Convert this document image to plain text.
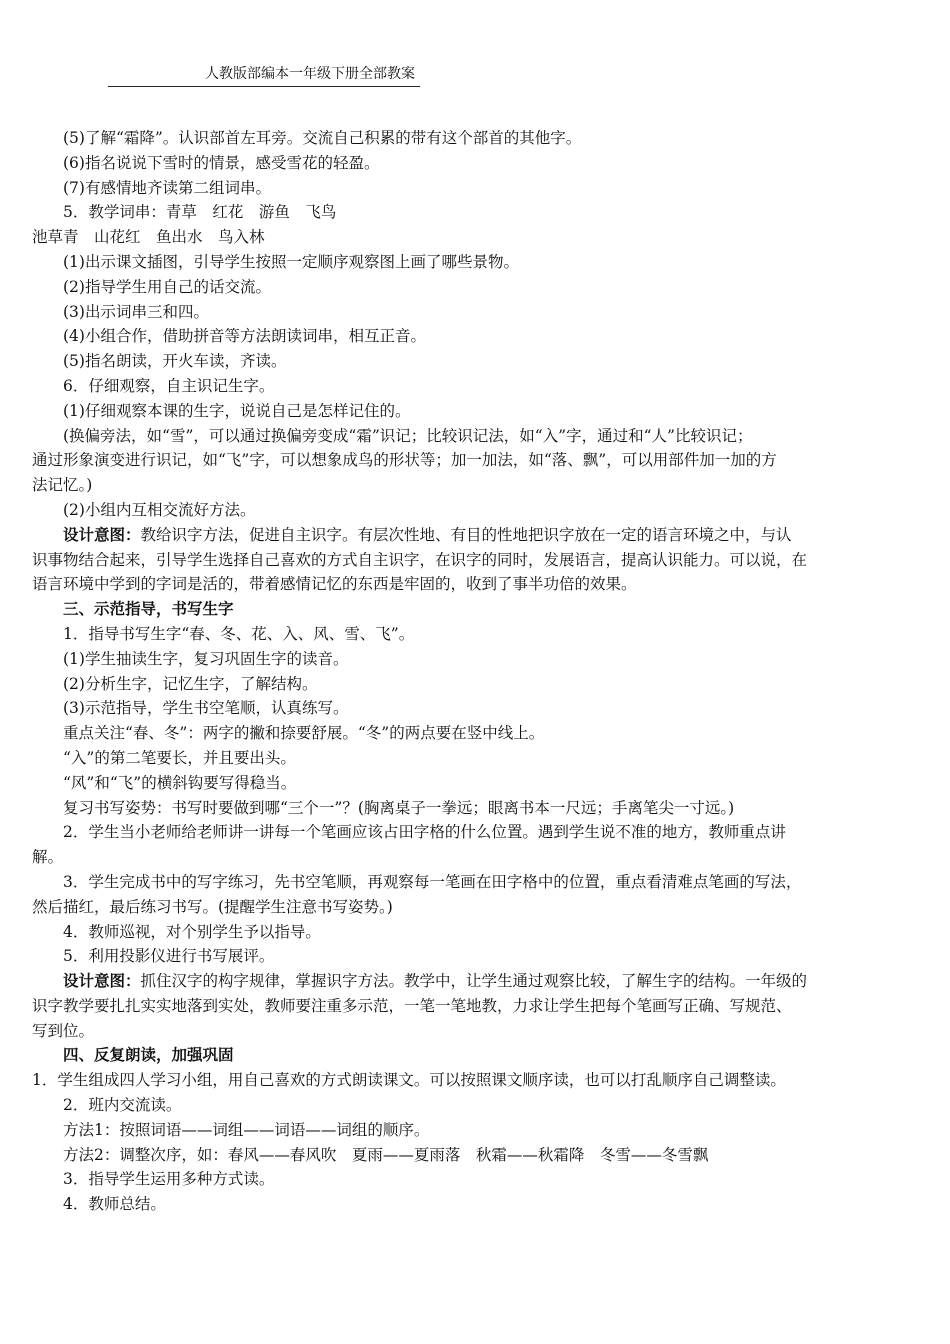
人教版部编本一年级下册全部教案
(5)了解“霜降”。认识部首左耳旁。交流自己积累的带有这个部首的其他字。
(6)指名说说下雪时的情景，感受雪花的轻盈。
(7)有感情地齐读第二组词串。
5．教学词串：青草　红花　游鱼　飞鸟
池草青　山花红　鱼出水　鸟入林
(1)出示课文插图，引导学生按照一定顺序观察图上画了哪些景物。
(2)指导学生用自己的话交流。
(3)出示词串三和四。
(4)小组合作，借助拼音等方法朗读词串，相互正音。
(5)指名朗读，开火车读，齐读。
6．仔细观察，自主识记生字。
(1)仔细观察本课的生字，说说自己是怎样记住的。
(换偏旁法，如“雪”，可以通过换偏旁变成“霜”识记；比较识记法，如“入”字，通过和“人”比较识记；
通过形象演变进行识记，如“飞”字，可以想象成鸟的形状等；加一加法，如“落、飘”，可以用部件加一加的方
法记忆。)
(2)小组内互相交流好方法。
设计意图：教给识字方法，促进自主识字。有层次性地、有目的性地把识字放在一定的语言环境之中，与认
识事物结合起来，引导学生选择自己喜欢的方式自主识字，在识字的同时，发展语言，提高认识能力。可以说，在
语言环境中学到的字词是活的，带着感情记忆的东西是牢固的，收到了事半功倍的效果。
三、示范指导，书写生字
1．指导书写生字“春、冬、花、入、风、雪、飞”。
(1)学生抽读生字，复习巩固生字的读音。
(2)分析生字，记忆生字，了解结构。
(3)示范指导，学生书空笔顺，认真练写。
重点关注“春、冬”：两字的撇和捺要舒展。“冬”的两点要在竖中线上。
“入”的第二笔要长，并且要出头。
“风”和“飞”的横斜钩要写得稳当。
复习书写姿势：书写时要做到哪“三个一”？(胸离桌子一拳远；眼离书本一尺远；手离笔尖一寸远。)
2．学生当小老师给老师讲一讲每一个笔画应该占田字格的什么位置。遇到学生说不准的地方，教师重点讲
解。
3．学生完成书中的写字练习，先书空笔顺，再观察每一笔画在田字格中的位置，重点看清难点笔画的写法，
然后描红，最后练习书写。(提醒学生注意书写姿势。)
4．教师巡视，对个别学生予以指导。
5．利用投影仪进行书写展评。
设计意图：抓住汉字的构字规律，掌握识字方法。教学中，让学生通过观察比较，了解生字的结构。一年级的
识字教学要扎扎实实地落到实处，教师要注重多示范，一笔一笔地教，力求让学生把每个笔画写正确、写规范、
写到位。
四、反复朗读，加强巩固
1．学生组成四人学习小组，用自己喜欢的方式朗读课文。可以按照课文顺序读，也可以打乱顺序自己调整读。
2．班内交流读。
方法1：按照词语——词组——词语——词组的顺序。
方法2：调整次序，如：春风——春风吹　夏雨——夏雨落　秋霜——秋霜降　冬雪——冬雪飘
3．指导学生运用多种方式读。
4．教师总结。
